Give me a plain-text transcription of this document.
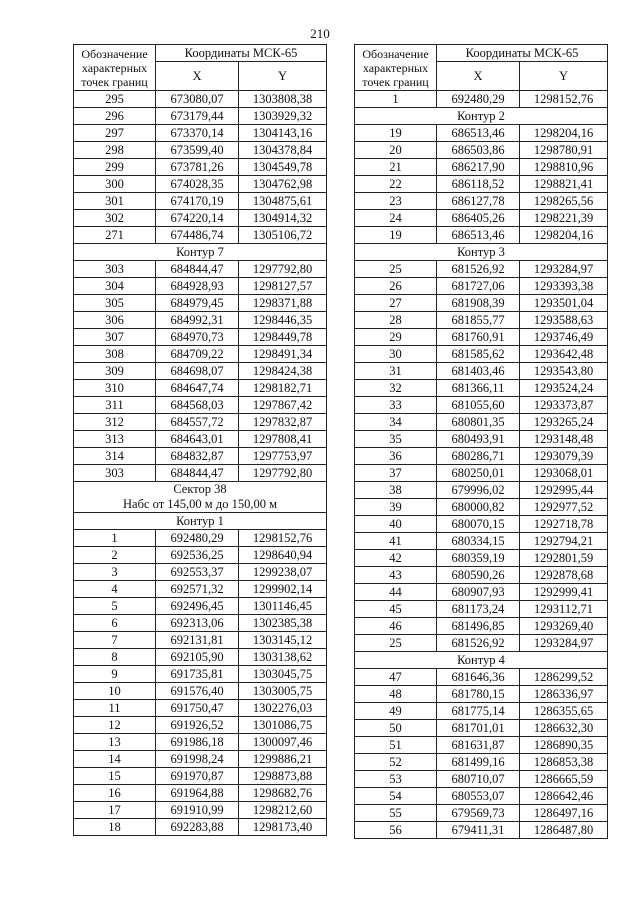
210
Обозначение характерных точек границ	Координаты МСК-65	
	X	Y
295	673080,07	1303808,38
296	673179,44	1303929,32
297	673370,14	1304143,16
298	673599,40	1304378,84
299	673781,26	1304549,78
300	674028,35	1304762,98
301	674170,19	1304875,61
302	674220,14	1304914,32
271	674486,74	1305106,72
Контур 7		
303	684844,47	1297792,80
304	684928,93	1298127,57
305	684979,45	1298371,88
306	684992,31	1298446,35
307	684970,73	1298449,78
308	684709,22	1298491,34
309	684698,07	1298424,38
310	684647,74	1298182,71
311	684568,03	1297867,42
312	684557,72	1297832,87
313	684643,01	1297808,41
314	684832,87	1297753,97
303	684844,47	1297792,80
Сектор 38
Набс от 145,00 м до 150,00 м		
Контур 1		
1	692480,29	1298152,76
2	692536,25	1298640,94
3	692553,37	1299238,07
4	692571,32	1299902,14
5	692496,45	1301146,45
6	692313,06	1302385,38
7	692131,81	1303145,12
8	692105,90	1303138,62
9	691735,81	1303045,75
10	691576,40	1303005,75
11	691750,47	1302276,03
12	691926,52	1301086,75
13	691986,18	1300097,46
14	691998,24	1299886,21
15	691970,87	1298873,88
16	691964,88	1298682,76
17	691910,99	1298212,60
18	692283,88	1298173,40
Обозначение характерных точек границ	Координаты МСК-65	
	X	Y
1	692480,29	1298152,76
Контур 2		
19	686513,46	1298204,16
20	686503,86	1298780,91
21	686217,90	1298810,96
22	686118,52	1298821,41
23	686127,78	1298265,56
24	686405,26	1298221,39
19	686513,46	1298204,16
Контур 3		
25	681526,92	1293284,97
26	681727,06	1293393,38
27	681908,39	1293501,04
28	681855,77	1293588,63
29	681760,91	1293746,49
30	681585,62	1293642,48
31	681403,46	1293543,80
32	681366,11	1293524,24
33	681055,60	1293373,87
34	680801,35	1293265,24
35	680493,91	1293148,48
36	680286,71	1293079,39
37	680250,01	1293068,01
38	679996,02	1292995,44
39	680000,82	1292977,52
40	680070,15	1292718,78
41	680334,15	1292794,21
42	680359,19	1292801,59
43	680590,26	1292878,68
44	680907,93	1292999,41
45	681173,24	1293112,71
46	681496,85	1293269,40
25	681526,92	1293284,97
Контур 4		
47	681646,36	1286299,52
48	681780,15	1286336,97
49	681775,14	1286355,65
50	681701,01	1286632,30
51	681631,87	1286890,35
52	681499,16	1286853,38
53	680710,07	1286665,59
54	680553,07	1286642,46
55	679569,73	1286497,16
56	679411,31	1286487,80
